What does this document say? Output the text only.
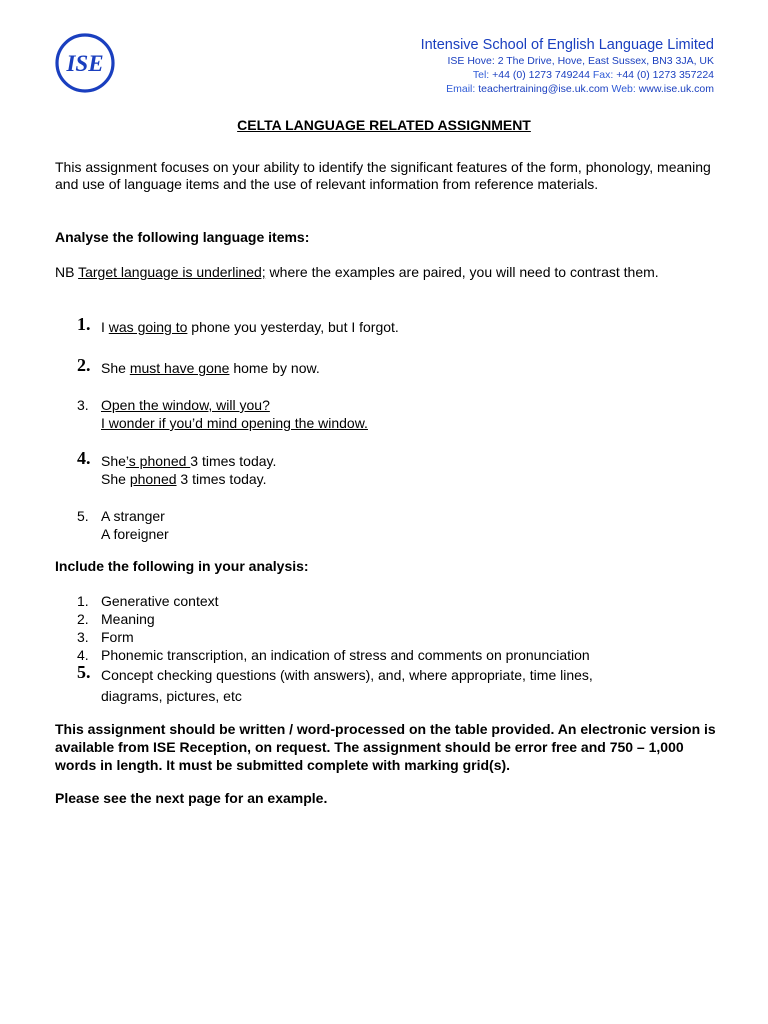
ISE
Intensive School of English Language Limited
ISE Hove: 2 The Drive, Hove, East Sussex, BN3 3JA, UK
Tel: +44 (0) 1273 749244 Fax: +44 (0) 1273 357224
Email: teachertraining@ise.uk.com Web: www.ise.uk.com
CELTA LANGUAGE RELATED ASSIGNMENT
This assignment focuses on your ability to identify the significant features of the form, phonology, meaning and use of language items and the use of relevant information from reference materials.
Analyse the following language items:
NB Target language is underlined; where the examples are paired, you will need to contrast them.
1. I was going to phone you yesterday, but I forgot.
2. She must have gone home by now.
3. Open the window, will you?
I wonder if you’d mind opening the window.
4. She’s phoned 3 times today.
She phoned 3 times today.
5. A stranger
A foreigner
Include the following in your analysis:
1. Generative context
2. Meaning
3. Form
4. Phonemic transcription, an indication of stress and comments on pronunciation
5. Concept checking questions (with answers), and, where appropriate, time lines,
diagrams, pictures, etc
This assignment should be written / word-processed on the table provided. An electronic version is available from ISE Reception, on request. The assignment should be error free and 750 – 1,000 words in length. It must be submitted complete with marking grid(s).
Please see the next page for an example.
